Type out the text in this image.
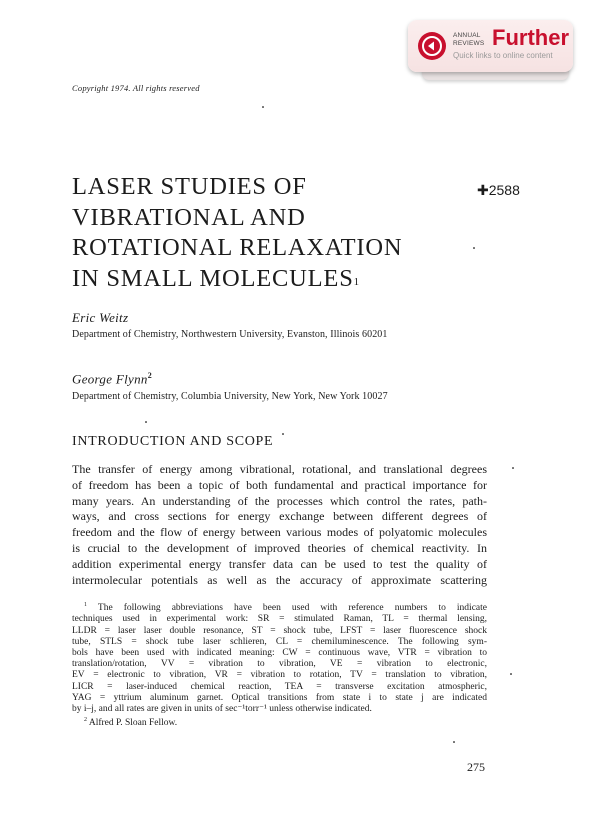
ANNUAL
REVIEWS Further
Quick links to online content
Copyright 1974. All rights reserved
LASER STUDIES OF
VIBRATIONAL AND
ROTATIONAL RELAXATION
IN SMALL MOLECULES$^1$
✚2588
Eric Weitz
Department of Chemistry, Northwestern University, Evanston, Illinois 60201
George Flynn$^2$
Department of Chemistry, Columbia University, New York, New York 10027
INTRODUCTION AND SCOPE
The transfer of energy among vibrational, rotational, and translational degrees
of freedom has been a topic of both fundamental and practical importance for
many years. An understanding of the processes which control the rates, path-
ways, and cross sections for energy exchange between different degrees of
freedom and the flow of energy between various modes of polyatomic molecules
is crucial to the development of improved theories of chemical reactivity. In
addition experimental energy transfer data can be used to test the quality of
intermolecular potentials as well as the accuracy of approximate scattering
$^1$ The following abbreviations have been used with reference numbers to indicate
techniques used in experimental work: SR = stimulated Raman, TL = thermal lensing,
LLDR = laser laser double resonance, ST = shock tube, LFST = laser fluorescence shock
tube, STLS = shock tube laser schlieren, CL = chemiluminescence. The following sym-
bols have been used with indicated meaning: CW = continuous wave, VTR = vibration to
translation/rotation, VV = vibration to vibration, VE = vibration to electronic,
EV = electronic to vibration, VR = vibration to rotation, TV = translation to vibration,
LICR = laser-induced chemical reaction, TEA = transverse excitation atmospheric,
YAG = yttrium aluminum garnet. Optical transitions from state i to state j are indicated
by i–j, and all rates are given in units of sec⁻¹torr⁻¹ unless otherwise indicated.
$^2$ Alfred P. Sloan Fellow.
275
